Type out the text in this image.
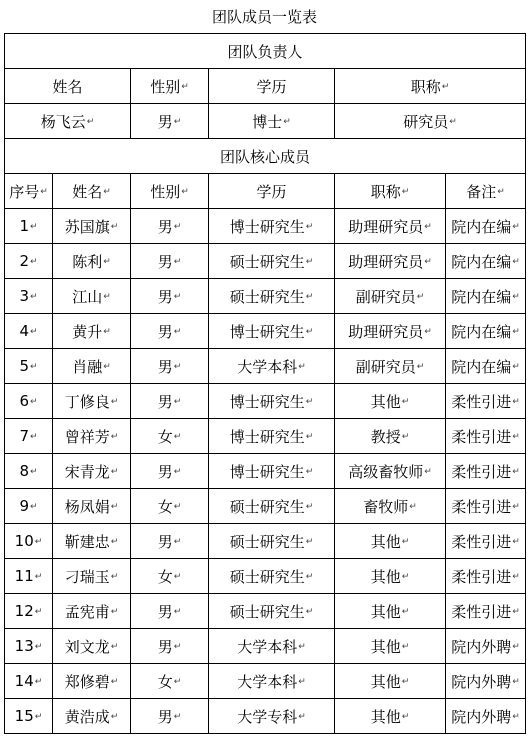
团队成员一览表
团队负责人					
姓名		性别 ↵	学历	职称 ↵
杨飞云 ↵		男 ↵	博士 ↵	研究员 ↵
团队核心成员					
序号 ↵	姓名 ↵	性别 ↵	学历	职称 ↵	备注 ↵
1 ↵	苏国旗 ↵	男 ↵	博士研究生 ↵	助理研究员 ↵	院内在编 ↵
2 ↵	陈利 ↵	男 ↵	硕士研究生 ↵	助理研究员 ↵	院内在编 ↵
3 ↵	江山 ↵	男 ↵	硕士研究生 ↵	副研究员 ↵	院内在编 ↵
4 ↵	黄升 ↵	男 ↵	博士研究生 ↵	助理研究员 ↵	院内在编 ↵
5 ↵	肖融 ↵	男 ↵	大学本科 ↵	副研究员 ↵	院内在编 ↵
6 ↵	丁修良 ↵	男 ↵	博士研究生 ↵	其他 ↵	柔性引进 ↵
7 ↵	曾祥芳 ↵	女 ↵	博士研究生 ↵	教授 ↵	柔性引进 ↵
8 ↵	宋青龙 ↵	男 ↵	博士研究生 ↵	高级畜牧师 ↵	柔性引进 ↵
9 ↵	杨凤娟 ↵	女 ↵	硕士研究生 ↵	畜牧师 ↵	柔性引进 ↵
10 ↵	靳建忠 ↵	男 ↵	硕士研究生 ↵	其他 ↵	柔性引进 ↵
11 ↵	刁瑞玉 ↵	女 ↵	硕士研究生 ↵	其他 ↵	柔性引进 ↵
12 ↵	孟宪甫 ↵	男 ↵	硕士研究生 ↵	其他 ↵	柔性引进 ↵
13 ↵	刘文龙 ↵	男 ↵	大学本科 ↵	其他 ↵	院内外聘 ↵
14 ↵	郑修碧 ↵	女 ↵	大学本科 ↵	其他 ↵	院内外聘 ↵
15 ↵	黄浩成 ↵	男 ↵	大学专科 ↵	其他 ↵	院内外聘 ↵
